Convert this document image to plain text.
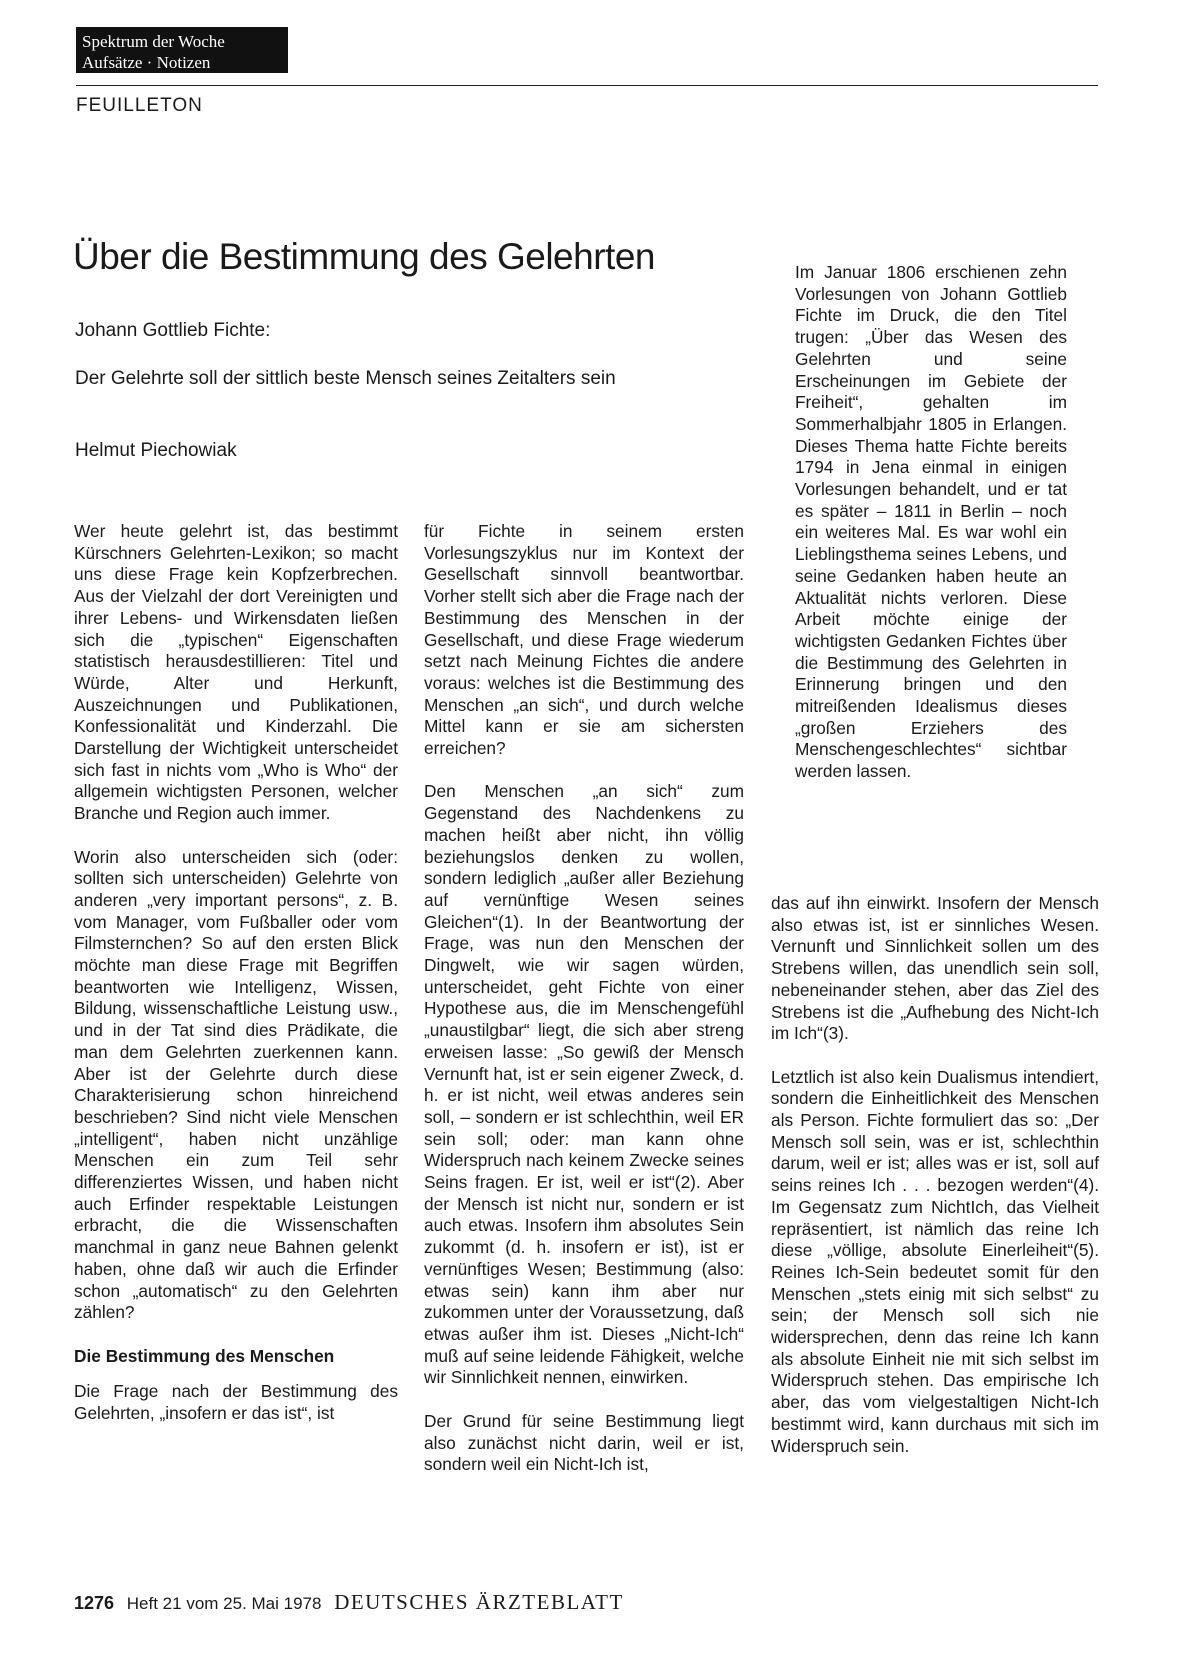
Spektrum der Woche
Aufsätze · Notizen
FEUILLETON
Über die Bestimmung des Gelehrten
Johann Gottlieb Fichte:
Der Gelehrte soll der sittlich beste Mensch seines Zeitalters sein
Helmut Piechowiak

Wer heute gelehrt ist, das bestimmt Kürschners Gelehrten-Lexikon; so macht uns diese Frage kein Kopfzerbrechen. Aus der Vielzahl der dort Vereinigten und ihrer Lebens- und Wirkensdaten ließen sich die „typischen“ Eigenschaften statistisch herausdestillieren: Titel und Würde, Alter und Herkunft, Auszeichnungen und Publikationen, Konfessionalität und Kinderzahl. Die Darstellung der Wichtigkeit unterscheidet sich fast in nichts vom „Who is Who“ der allgemein wichtigsten Personen, welcher Branche und Region auch immer.

Worin also unterscheiden sich (oder: sollten sich unterscheiden) Gelehrte von anderen „very important persons“, z. B. vom Manager, vom Fußballer oder vom Filmsternchen? So auf den ersten Blick möchte man diese Frage mit Begriffen beantworten wie Intelligenz, Wissen, Bildung, wissenschaftliche Leistung usw., und in der Tat sind dies Prädikate, die man dem Gelehrten zuerkennen kann. Aber ist der Gelehrte durch diese Charakterisierung schon hinreichend beschrieben? Sind nicht viele Menschen „intelligent“, haben nicht unzählige Menschen ein zum Teil sehr differenziertes Wissen, und haben nicht auch Erfinder respektable Leistungen erbracht, die die Wissenschaften manchmal in ganz neue Bahnen gelenkt haben, ohne daß wir auch die Erfinder schon „automatisch“ zu den Gelehrten zählen?

Die Bestimmung des Menschen

Die Frage nach der Bestimmung des Gelehrten, „insofern er das ist“, ist

für Fichte in seinem ersten Vorlesungszyklus nur im Kontext der Gesellschaft sinnvoll beantwortbar. Vorher stellt sich aber die Frage nach der Bestimmung des Menschen in der Gesellschaft, und diese Frage wiederum setzt nach Meinung Fichtes die andere voraus: welches ist die Bestimmung des Menschen „an sich“, und durch welche Mittel kann er sie am sichersten erreichen?

Den Menschen „an sich“ zum Gegenstand des Nachdenkens zu machen heißt aber nicht, ihn völlig beziehungslos denken zu wollen, sondern lediglich „außer aller Beziehung auf vernünftige Wesen seines Gleichen“(1). In der Beantwortung der Frage, was nun den Menschen der Dingwelt, wie wir sagen würden, unterscheidet, geht Fichte von einer Hypothese aus, die im Menschengefühl „unaustilgbar“ liegt, die sich aber streng erweisen lasse: „So gewiß der Mensch Vernunft hat, ist er sein eigener Zweck, d. h. er ist nicht, weil etwas anderes sein soll, – sondern er ist schlechthin, weil ER sein soll; oder: man kann ohne Widerspruch nach keinem Zwecke seines Seins fragen. Er ist, weil er ist“(2). Aber der Mensch ist nicht nur, sondern er ist auch etwas. Insofern ihm absolutes Sein zukommt (d. h. insofern er ist), ist er vernünftiges Wesen; Bestimmung (also: etwas sein) kann ihm aber nur zukommen unter der Voraussetzung, daß etwas außer ihm ist. Dieses „Nicht-Ich“ muß auf seine leidende Fähigkeit, welche wir Sinnlichkeit nennen, einwirken.

Der Grund für seine Bestimmung liegt also zunächst nicht darin, weil er ist, sondern weil ein Nicht-Ich ist,

Im Januar 1806 erschienen zehn Vorlesungen von Johann Gottlieb Fichte im Druck, die den Titel trugen: „Über das Wesen des Gelehrten und seine Erscheinungen im Gebiete der Freiheit“, gehalten im Sommerhalbjahr 1805 in Erlangen. Dieses Thema hatte Fichte bereits 1794 in Jena einmal in einigen Vorlesungen behandelt, und er tat es später – 1811 in Berlin – noch ein weiteres Mal. Es war wohl ein Lieblingsthema seines Lebens, und seine Gedanken haben heute an Aktualität nichts verloren. Diese Arbeit möchte einige der wichtigsten Gedanken Fichtes über die Bestimmung des Gelehrten in Erinnerung bringen und den mitreißenden Idealismus dieses „großen Erziehers des Menschengeschlechtes“ sichtbar werden lassen.

das auf ihn einwirkt. Insofern der Mensch also etwas ist, ist er sinnliches Wesen. Vernunft und Sinnlichkeit sollen um des Strebens willen, das unendlich sein soll, nebeneinander stehen, aber das Ziel des Strebens ist die „Aufhebung des Nicht-Ich im Ich“(3).

Letztlich ist also kein Dualismus intendiert, sondern die Einheitlichkeit des Menschen als Person. Fichte formuliert das so: „Der Mensch soll sein, was er ist, schlechthin darum, weil er ist; alles was er ist, soll auf seins reines Ich . . . bezogen werden“(4). Im Gegensatz zum NichtIch, das Vielheit repräsentiert, ist nämlich das reine Ich diese „völlige, absolute Einerleiheit“(5). Reines Ich-Sein bedeutet somit für den Menschen „stets einig mit sich selbst“ zu sein; der Mensch soll sich nie widersprechen, denn das reine Ich kann als absolute Einheit nie mit sich selbst im Widerspruch stehen. Das empirische Ich aber, das vom vielgestaltigen Nicht-Ich bestimmt wird, kann durchaus mit sich im Widerspruch sein.

1276 Heft 21 vom 25. Mai 1978 DEUTSCHES ÄRZTEBLATT
